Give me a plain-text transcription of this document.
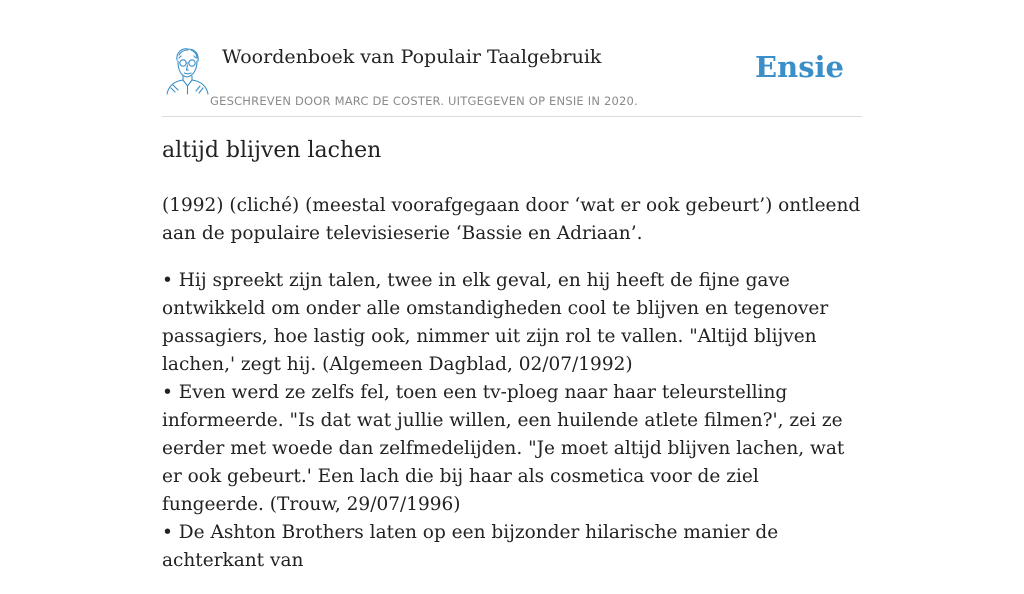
Woordenboek van Populair Taalgebruik
GESCHREVEN DOOR MARC DE COSTER. UITGEGEVEN OP ENSIE IN 2020.
Ensie
altijd blijven lachen

(1992) (cliché) (meestal voorafgegaan door ‘wat er ook gebeurt’) ontleend aan de populaire televisieserie ‘Bassie en Adriaan’.

• Hij spreekt zijn talen, twee in elk geval, en hij heeft de fijne gave ontwikkeld om onder alle omstandigheden cool te blijven en tegenover passagiers, hoe lastig ook, nimmer uit zijn rol te vallen. "Altijd blijven lachen,' zegt hij. (Algemeen Dagblad, 02/07/1992)
• Even werd ze zelfs fel, toen een tv-ploeg naar haar teleurstelling informeerde. "Is dat wat jullie willen, een huilende atlete filmen?', zei ze eerder met woede dan zelfmedelijden. "Je moet altijd blijven lachen, wat er ook gebeurt.' Een lach die bij haar als cosmetica voor de ziel fungeerde. (Trouw, 29/07/1996)
• De Ashton Brothers laten op een bijzonder hilarische manier de achterkant van
